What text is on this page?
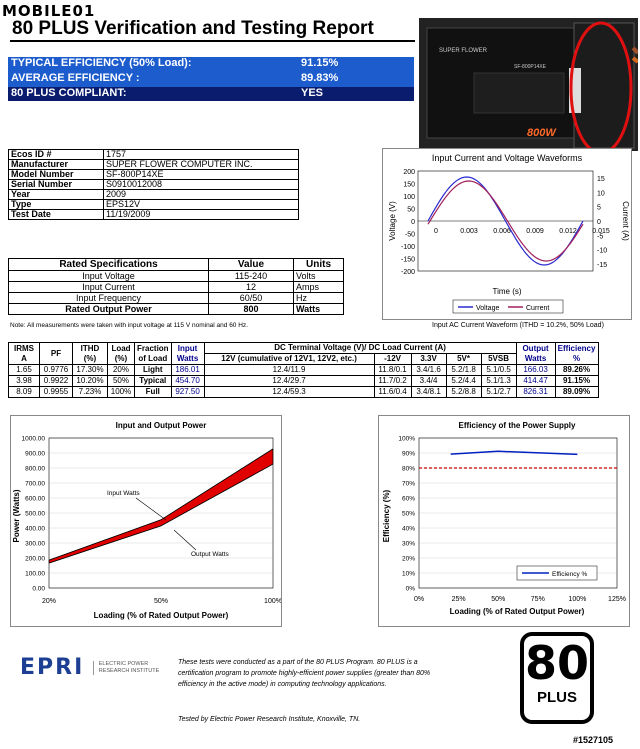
MOBILE01
80 PLUS Verification and Testing Report
TYPICAL EFFICIENCY (50% Load):	91.15%
AVERAGE EFFICIENCY :	89.83%
80 PLUS COMPLIANT:	YES
SUPER FLOWER
SF-800P14XE
800W
Ecos ID #	1757
Manufacturer	SUPER FLOWER COMPUTER INC.
Model Number	SF-800P14XE
Serial Number	S0910012008
Year	2009
Type	EPS12V
Test Date	11/19/2009
Rated Specifications	Value	Units
Input Voltage	115-240	Volts
Input Current	12	Amps
Input Frequency	60/50	Hz
Rated Output Power	800	Watts
Note: All measurements were taken with input voltage at 115 V nominal and 60 Hz.
Input Current and Voltage Waveforms
200
150
100
50
0
-50
-100
-150
-200
15
10
5
0
-5
-10
-15
0	0.003 0.006 0.009 0.012 0.015
Voltage (V)	Current (A)
Time (s)
Voltage	Current
Input AC Current Waveform (ITHD = 10.2%, 50% Load)
IRMS
A	PF	ITHD (%)	Load (%)	Fraction of Load	Input Watts	DC Terminal Voltage (V)/ DC Load Current (A)					Output Watts	Efficiency %
						12V (cumulative of 12V1, 12V2, etc.)	-12V	3.3V	5V*	5VSB		
1.65	0.9776	17.30%	20%	Light	186.01	12.4/11.9	11.8/0.1	3.4/1.6	5.2/1.8	5.1/0.5	166.03	89.26%
3.98	0.9922	10.20%	50%	Typical	454.70	12.4/29.7	11.7/0.2	3.4/4	5.2/4.4	5.1/1.3	414.47	91.15%
8.09	0.9955	7.23%	100%	Full	927.50	12.4/59.3	11.6/0.4	3.4/8.1	5.2/8.8	5.1/2.7	826.31	89.09%
Input and Output Power
1000.00
900.00
800.00
700.00
600.00
500.00
400.00
300.00
200.00
100.00
0.00
20%	50%	100%
Input Watts
Output Watts
Power (Watts)
Loading (% of Rated Output Power)
Efficiency of the Power Supply
100%
90%
80%
70%
60%
50%
40%
30%
20%
10%
0%
0%	25%	50%	75%	100%	125%
Efficiency %
Efficiency (%)
Loading (% of Rated Output Power)
EPRI	ELECTRIC POWER
RESEARCH INSTITUTE
These tests were conducted as a part of the 80 PLUS Program. 80 PLUS is a
certification program to promote highly-efficient power supplies (greater than 80%
efficiency in the active mode) in computing technology applications.
Tested by Electric Power Research Institute, Knoxville, TN.
80
PLUS
#1527105
